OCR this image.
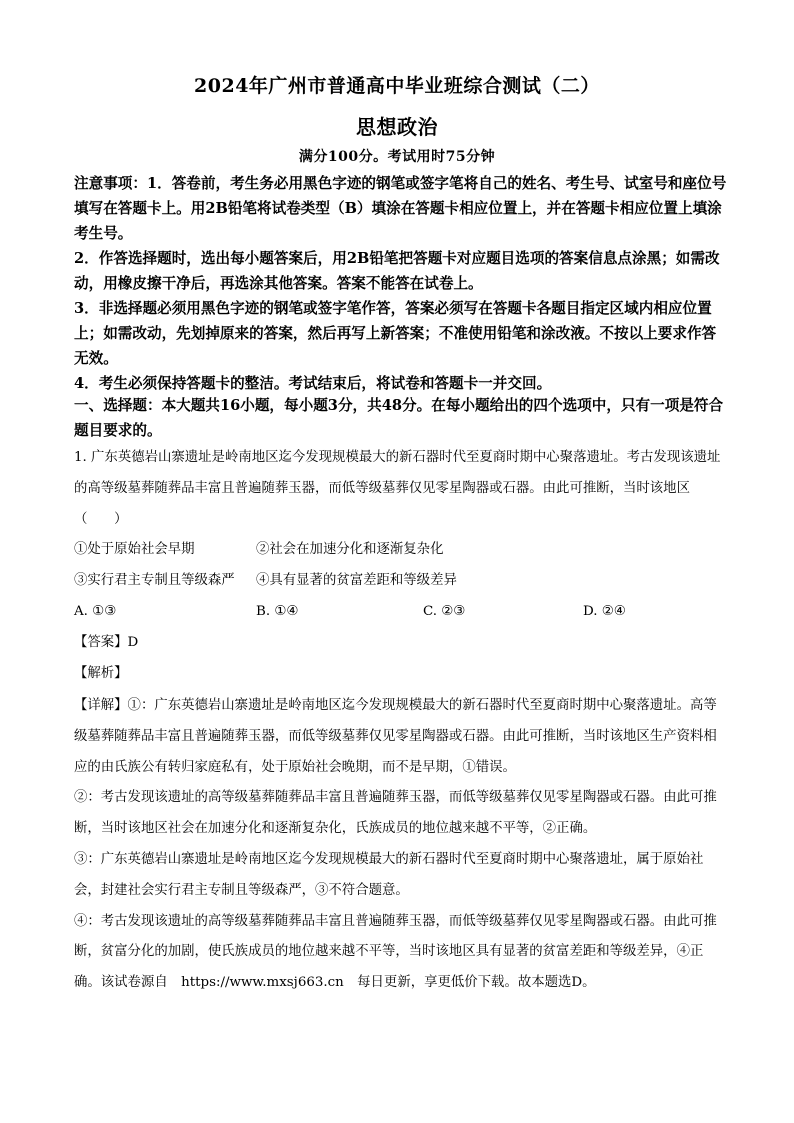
2024年广州市普通高中毕业班综合测试（二）
思想政治
满分100分。考试用时75分钟

注意事项：1．答卷前，考生务必用黑色字迹的钢笔或签字笔将自己的姓名、考生号、试室号和座位号填写在答题卡上。用2B铅笔将试卷类型（B）填涂在答题卡相应位置上，并在答题卡相应位置上填涂考生号。

2．作答选择题时，选出每小题答案后，用2B铅笔把答题卡对应题目选项的答案信息点涂黑；如需改动，用橡皮擦干净后，再选涂其他答案。答案不能答在试卷上。

3．非选择题必须用黑色字迹的钢笔或签字笔作答，答案必须写在答题卡各题目指定区域内相应位置上；如需改动，先划掉原来的答案，然后再写上新答案；不准使用铅笔和涂改液。不按以上要求作答无效。

4．考生必须保持答题卡的整洁。考试结束后，将试卷和答题卡一并交回。

一、选择题：本大题共16小题，每小题3分，共48分。在每小题给出的四个选项中，只有一项是符合题目要求的。

1. 广东英德岩山寨遗址是岭南地区迄今发现规模最大的新石器时代至夏商时期中心聚落遗址。考古发现该遗址的高等级墓葬随葬品丰富且普遍随葬玉器，而低等级墓葬仅见零星陶器或石器。由此可推断，当时该地区（　　）

①处于原始社会早期	②社会在加速分化和逐渐复杂化
③实行君主专制且等级森严	④具有显著的贫富差距和等级差异
A. ①③	B. ①④	C. ②③	D. ②④

【答案】D

【解析】

【详解】①：广东英德岩山寨遗址是岭南地区迄今发现规模最大的新石器时代至夏商时期中心聚落遗址。高等级墓葬随葬品丰富且普遍随葬玉器，而低等级墓葬仅见零星陶器或石器。由此可推断，当时该地区生产资料相应的由氏族公有转归家庭私有，处于原始社会晚期，而不是早期，①错误。

②：考古发现该遗址的高等级墓葬随葬品丰富且普遍随葬玉器，而低等级墓葬仅见零星陶器或石器。由此可推断，当时该地区社会在加速分化和逐渐复杂化，氏族成员的地位越来越不平等，②正确。

③：广东英德岩山寨遗址是岭南地区迄今发现规模最大的新石器时代至夏商时期中心聚落遗址，属于原始社会，封建社会实行君主专制且等级森严，③不符合题意。

④：考古发现该遗址的高等级墓葬随葬品丰富且普遍随葬玉器，而低等级墓葬仅见零星陶器或石器。由此可推断，贫富分化的加剧，使氏族成员的地位越来越不平等，当时该地区具有显著的贫富差距和等级差异，④正确。该试卷源自　https://www.mxsj663.cn　每日更新，享更低价下载。故本题选D。
